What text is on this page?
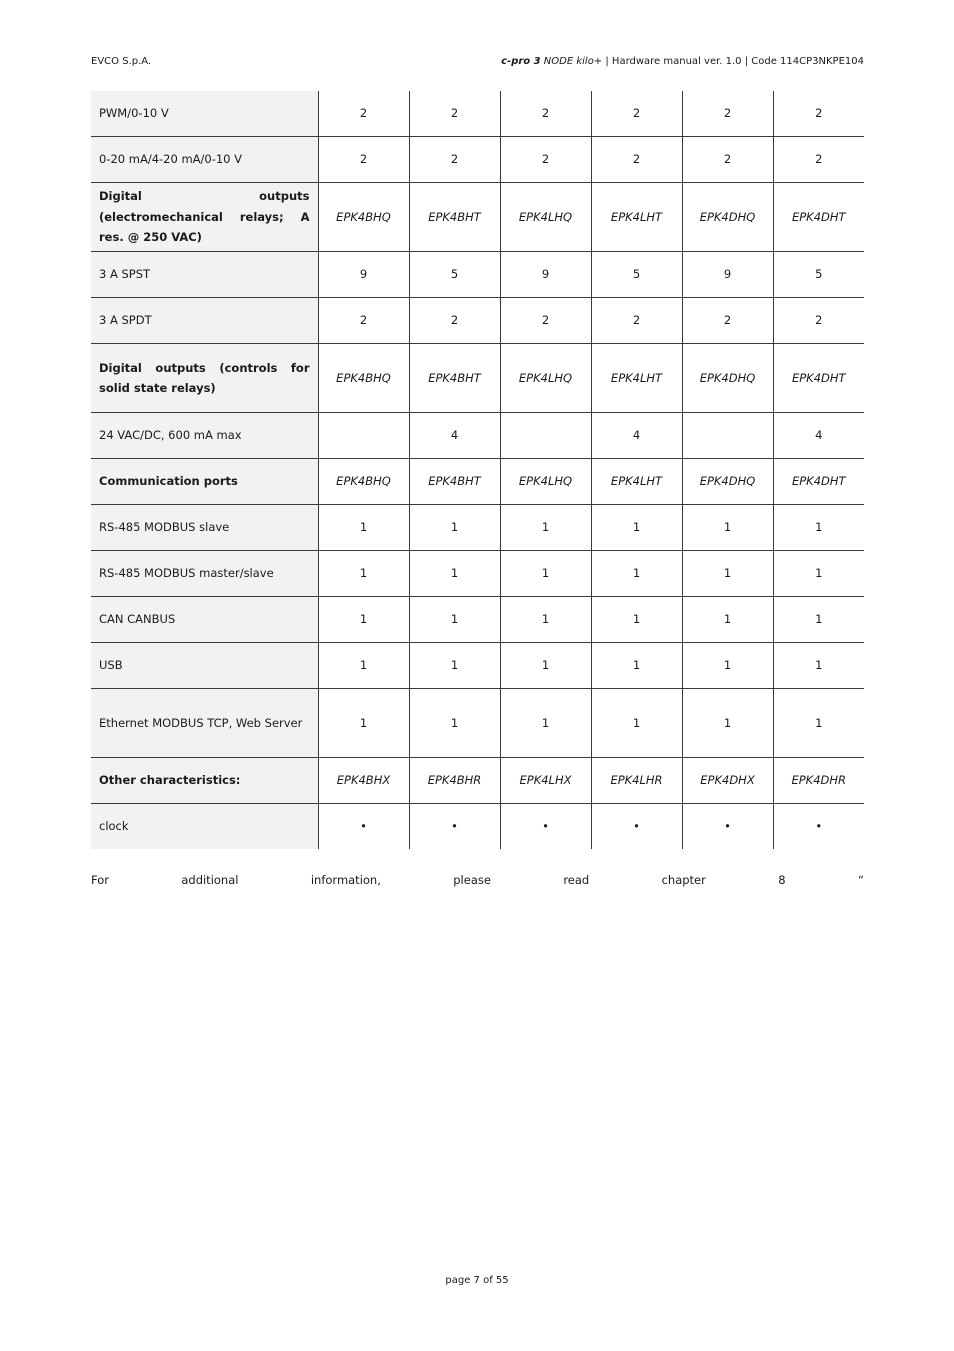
EVCO S.p.A.	c-pro 3 NODE kilo+ | Hardware manual ver. 1.0 | Code 114CP3NKPE104
PWM/0-10 V	2	2	2	2	2	2
0-20 mA/4-20 mA/0-10 V	2	2	2	2	2	2
Digital outputs (electromechanical relays; A res. @ 250 VAC)	EPK4BHQ	EPK4BHT	EPK4LHQ	EPK4LHT	EPK4DHQ	EPK4DHT
3 A SPST	9	5	9	5	9	5
3 A SPDT	2	2	2	2	2	2
Digital outputs (controls for solid state relays)	EPK4BHQ	EPK4BHT	EPK4LHQ	EPK4LHT	EPK4DHQ	EPK4DHT
24 VAC/DC, 600 mA max		4		4		4
Communication ports	EPK4BHQ	EPK4BHT	EPK4LHQ	EPK4LHT	EPK4DHQ	EPK4DHT
RS-485 MODBUS slave	1	1	1	1	1	1
RS-485 MODBUS master/slave	1	1	1	1	1	1
CAN CANBUS	1	1	1	1	1	1
USB	1	1	1	1	1	1
Ethernet MODBUS TCP, Web Server	1	1	1	1	1	1
Other characteristics:	EPK4BHX	EPK4BHR	EPK4LHX	EPK4LHR	EPK4DHX	EPK4DHR
clock	•	•	•	•	•	•
For	additional	information,	please	read	chapter	8	“
page 7 of 55
